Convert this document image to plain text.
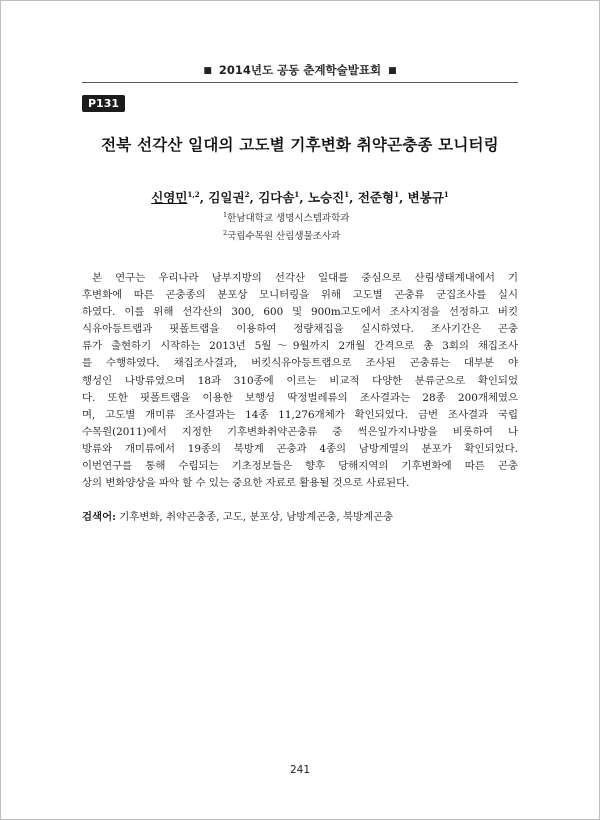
■ 2014년도 공동 춘계학술발표회 ■
P131
전북 선각산 일대의 고도별 기후변화 취약곤충종 모니터링
신영민$^{1,2}$, 김일권$^2$, 김다솜$^1$, 노승진$^1$, 전준형$^1$, 변봉규$^1$
$^1$한남대학교 생명시스템과학과
$^2$국립수목원 산림생물조사과
본 연구는 우리나라 남부지방의 선각산 일대를 중심으로 산림생태계내에서 기
후변화에 따른 곤충종의 분포상 모니터링을 위해 고도별 곤충류 군집조사를 실시
하였다. 이를 위해 선각산의 300, 600 및 900m고도에서 조사지점을 선정하고 버킷
식유아등트랩과 핏폴트랩을 이용하여 정량채집을 실시하였다. 조사기간은 곤충
류가 출현하기 시작하는 2013년 5월～9월까지 2개월 간격으로 총 3회의 채집조사
를 수행하였다. 채집조사결과, 버킷식유아등트랩으로 조사된 곤충류는 대부분 야
행성인 나방류였으며 18과 310종에 이르는 비교적 다양한 분류군으로 확인되었
다. 또한 핏폴트랩을 이용한 보행성 딱정벌레류의 조사결과는 28종 200개체였으
며, 고도별 개미류 조사결과는 14종 11,276개체가 확인되었다. 금번 조사결과 국립
수목원(2011)에서 지정한 기후변화취약곤충류 중 썩은잎가지나방을 비롯하여 나
방류와 개미류에서 19종의 북방계 곤충과 4종의 남방계열의 분포가 확인되었다.
이번연구를 통해 수립되는 기초정보들은 향후 당해지역의 기후변화에 따른 곤충
상의 변화양상을 파악 할 수 있는 중요한 자료로 활용될 것으로 사료된다.
검색어: 기후변화, 취약곤충종, 고도, 분포상, 남방계곤충, 북방계곤충
241
